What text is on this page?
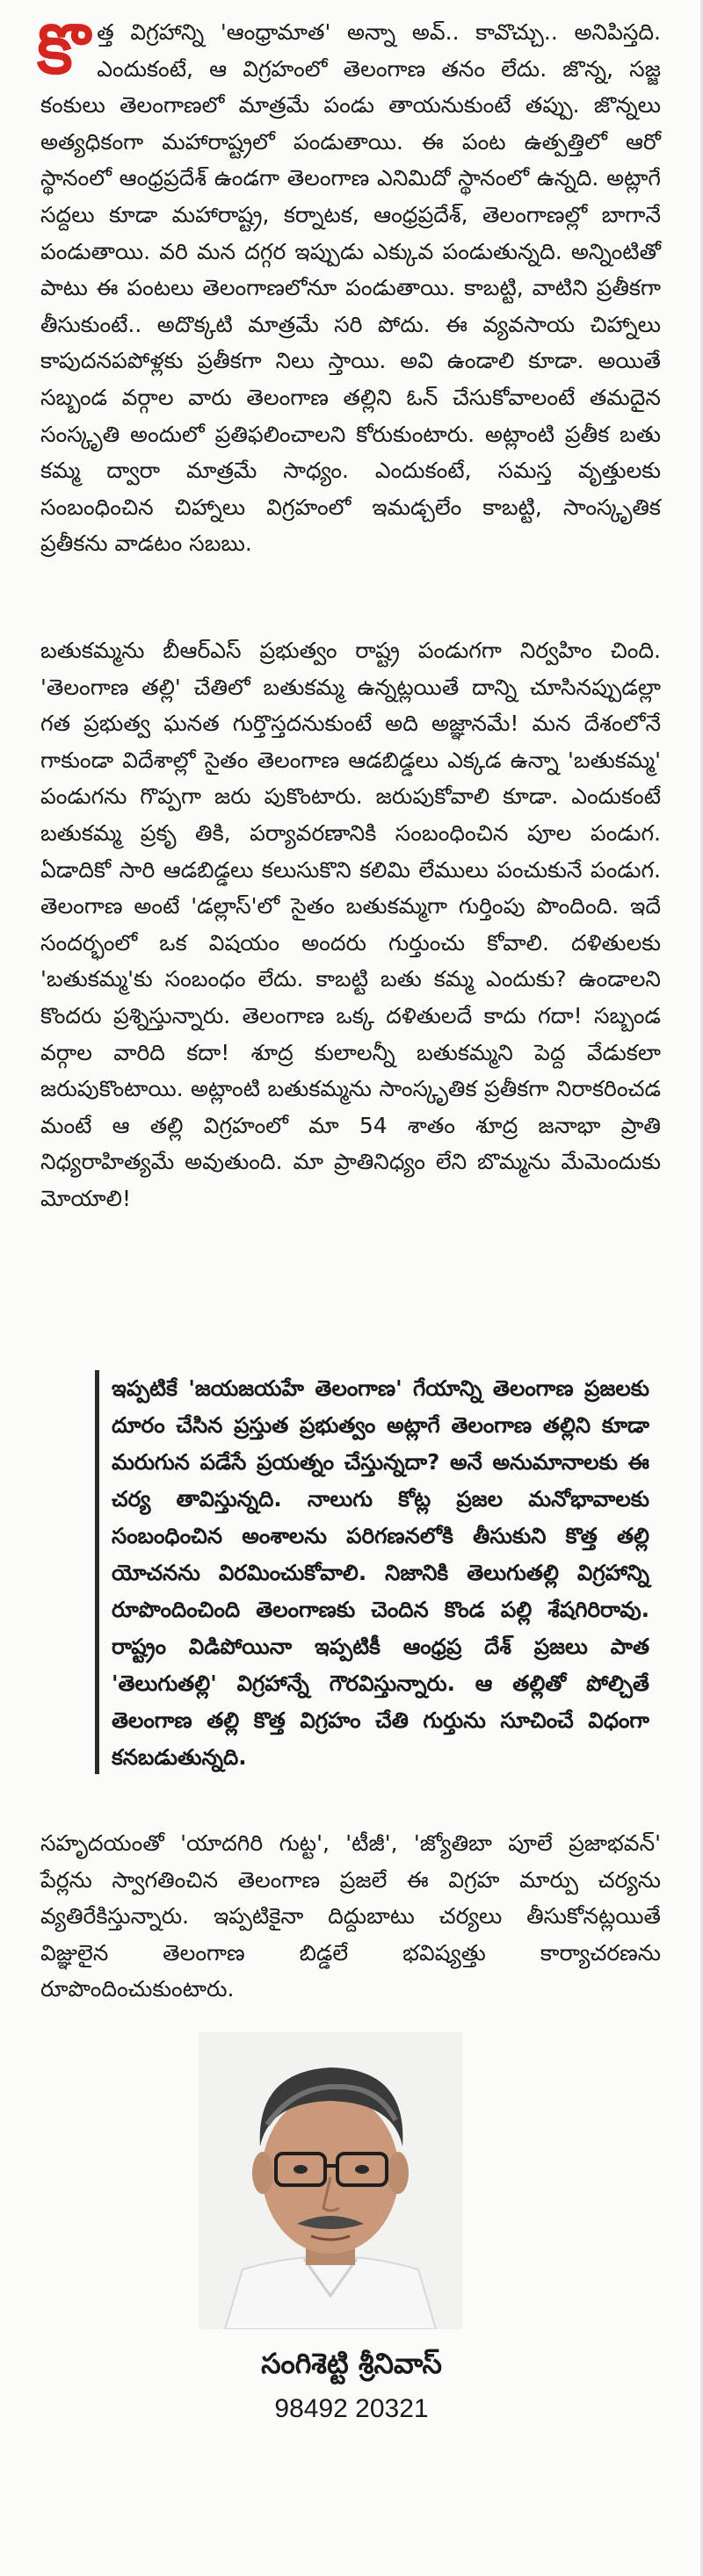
కొ త్త విగ్రహాన్ని 'ఆంధ్రామాత' అన్నా అవ్.. కావొచ్చు.. అనిపిస్తది. ఎందుకంటే, ఆ విగ్రహంలో తెలంగాణ తనం లేదు. జొన్న, సజ్జ కంకులు తెలంగాణలో మాత్రమే పండు తాయనుకుంటే తప్పు. జొన్నలు అత్యధికంగా మహారాష్ట్రలో పండుతాయి. ఈ పంట ఉత్పత్తిలో ఆరో స్థానంలో ఆంధ్రప్రదేశ్ ఉండగా తెలంగాణ ఎనిమిదో స్థానంలో ఉన్నది. అట్లాగే సద్దలు కూడా మహారాష్ట్ర, కర్నాటక, ఆంధ్రప్రదేశ్, తెలంగాణల్లో బాగానే పండుతాయి. వరి మన దగ్గర ఇప్పుడు ఎక్కువ పండుతున్నది. అన్నింటితో పాటు ఈ పంటలు తెలంగాణలోనూ పండుతాయి. కాబట్టి, వాటిని ప్రతీకగా తీసుకుంటే.. అదొక్కటి మాత్రమే సరి పోదు. ఈ వ్యవసాయ చిహ్నాలు కాపుదనపపోళ్లకు ప్రతీకగా నిలు స్తాయి. అవి ఉండాలి కూడా. అయితే సబ్బండ వర్గాల వారు తెలంగాణ తల్లిని ఓన్ చేసుకోవాలంటే తమదైన సంస్కృతి అందులో ప్రతిఫలించాలని కోరుకుంటారు. అట్లాంటి ప్రతీక బతు కమ్మ ద్వారా మాత్రమే సాధ్యం. ఎందుకంటే, సమస్త వృత్తులకు సంబంధించిన చిహ్నాలు విగ్రహంలో ఇమడ్చలేం కాబట్టి, సాంస్కృతిక ప్రతీకను వాడటం సబబు.

బతుకమ్మను బీఆర్ఎస్ ప్రభుత్వం రాష్ట్ర పండుగగా నిర్వహిం చింది. 'తెలంగాణ తల్లి' చేతిలో బతుకమ్మ ఉన్నట్లయితే దాన్ని చూసినప్పుడల్లా గత ప్రభుత్వ ఘనత గుర్తొస్తదనుకుంటే అది అజ్ఞానమే! మన దేశంలోనే గాకుండా విదేశాల్లో సైతం తెలంగాణ ఆడబిడ్డలు ఎక్కడ ఉన్నా 'బతుకమ్మ' పండుగను గొప్పగా జరు పుకొంటారు. జరుపుకోవాలి కూడా. ఎందుకంటే బతుకమ్మ ప్రకృ తికి, పర్యావరణానికి సంబంధించిన పూల పండుగ. ఏడాదికో సారి ఆడబిడ్డలు కలుసుకొని కలిమి లేములు పంచుకునే పండుగ. తెలంగాణ అంటే 'డల్లాస్'లో సైతం బతుకమ్మగా గుర్తింపు పొందింది. ఇదే సందర్భంలో ఒక విషయం అందరు గుర్తుంచు కోవాలి. దళితులకు 'బతుకమ్మ'కు సంబంధం లేదు. కాబట్టి బతు కమ్మ ఎందుకు? ఉండాలని కొందరు ప్రశ్నిస్తున్నారు. తెలంగాణ ఒక్క దళితులదే కాదు గదా! సబ్బండ వర్గాల వారిది కదా! శూద్ర కులాలన్నీ బతుకమ్మని పెద్ద వేడుకలా జరుపుకొంటాయి. అట్లాంటి బతుకమ్మను సాంస్కృతిక ప్రతీకగా నిరాకరించడ మంటే ఆ తల్లి విగ్రహంలో మా 54 శాతం శూద్ర జనాభా ప్రాతి నిధ్యరాహిత్యమే అవుతుంది. మా ప్రాతినిధ్యం లేని బొమ్మను మేమెందుకు మోయాలి!

ఇప్పటికే 'జయజయహే తెలంగాణ' గేయాన్ని తెలంగాణ ప్రజలకు దూరం చేసిన ప్రస్తుత ప్రభుత్వం అట్లాగే తెలంగాణ తల్లిని కూడా మరుగున పడేసే ప్రయత్నం చేస్తున్నదా? అనే అనుమానాలకు ఈ చర్య తావిస్తున్నది. నాలుగు కోట్ల ప్రజల మనోభావాలకు సంబంధించిన అంశాలను పరిగణనలోకి తీసుకుని కొత్త తల్లి యోచనను విరమించుకోవాలి. నిజానికి తెలుగుతల్లి విగ్రహాన్ని రూపొందించింది తెలంగాణకు చెందిన కొండ పల్లి శేషగిరిరావు. రాష్ట్రం విడిపోయినా ఇప్పటికీ ఆంధ్రప్ర దేశ్ ప్రజలు పాత 'తెలుగుతల్లి' విగ్రహాన్నే గౌరవిస్తున్నారు. ఆ తల్లితో పోల్చితే తెలంగాణ తల్లి కొత్త విగ్రహం చేతి గుర్తును సూచించే విధంగా కనబడుతున్నది.

సహృదయంతో 'యాదగిరి గుట్ట', 'టీజీ', 'జ్యోతిబా పూలే ప్రజాభవన్' పేర్లను స్వాగతించిన తెలంగాణ ప్రజలే ఈ విగ్రహ మార్పు చర్యను వ్యతిరేకిస్తున్నారు. ఇప్పటికైనా దిద్దుబాటు చర్యలు తీసుకోనట్లయితే విజ్ఞులైన తెలంగాణ బిడ్డలే భవిష్యత్తు కార్యాచరణను రూపొందించుకుంటారు.

సంగిశెట్టి శ్రీనివాస్
98492 20321
